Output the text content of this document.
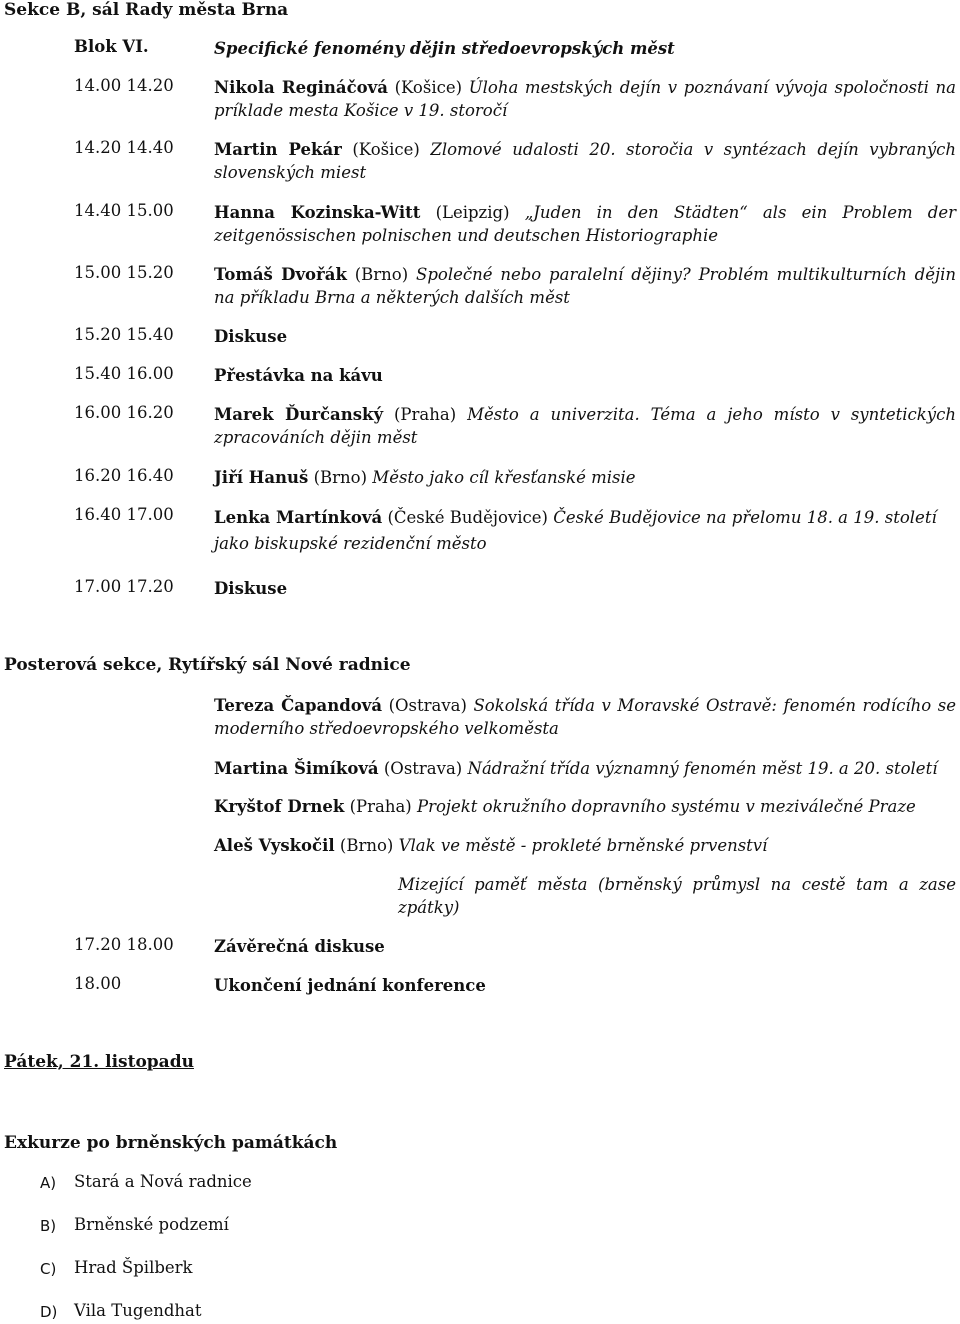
Sekce B, sál Rady města Brna
Blok VI.	Specifické fenomény dějin středoevropských měst
14.00 14.20	Nikola Regináčová (Košice) Úloha mestských dejín v poznávaní vývoja spoločnosti na príklade mesta Košice v 19. storočí
14.20 14.40	Martin Pekár (Košice) Zlomové udalosti 20. storočia v syntézach dejín vybraných slovenských miest
14.40 15.00	Hanna Kozinska-Witt (Leipzig) „Juden in den Städten“ als ein Problem der zeitgenössischen polnischen und deutschen Historiographie
15.00 15.20	Tomáš Dvořák (Brno) Společné nebo paralelní dějiny? Problém multikulturních dějin na příkladu Brna a některých dalších měst
15.20 15.40	Diskuse
15.40 16.00	Přestávka na kávu
16.00 16.20	Marek Ďurčanský (Praha) Město a univerzita. Téma a jeho místo v syntetických zpracováních dějin měst
16.20 16.40	Jiří Hanuš (Brno) Město jako cíl křesťanské misie
16.40 17.00	Lenka Martínková (České Budějovice) České Budějovice na přelomu 18. a 19. století jako biskupské rezidenční město
17.00 17.20	Diskuse
Posterová sekce, Rytířský sál Nové radnice
Tereza Čapandová (Ostrava) Sokolská třída v Moravské Ostravě: fenomén rodícího se moderního středoevropského velkoměsta
Martina Šimíková (Ostrava) Nádražní třída významný fenomén měst 19. a 20. století
Kryštof Drnek (Praha) Projekt okružního dopravního systému v meziválečné Praze
Aleš Vyskočil (Brno) Vlak ve městě - prokleté brněnské prvenství
Mizející paměť města (brněnský průmysl na cestě tam a zase zpátky)
17.20 18.00	Závěrečná diskuse
18.00	Ukončení jednání konference
Pátek, 21. listopadu
Exkurze po brněnských památkách
A) Stará a Nová radnice
B) Brněnské podzemí
C) Hrad Špilberk
D) Vila Tugendhat
